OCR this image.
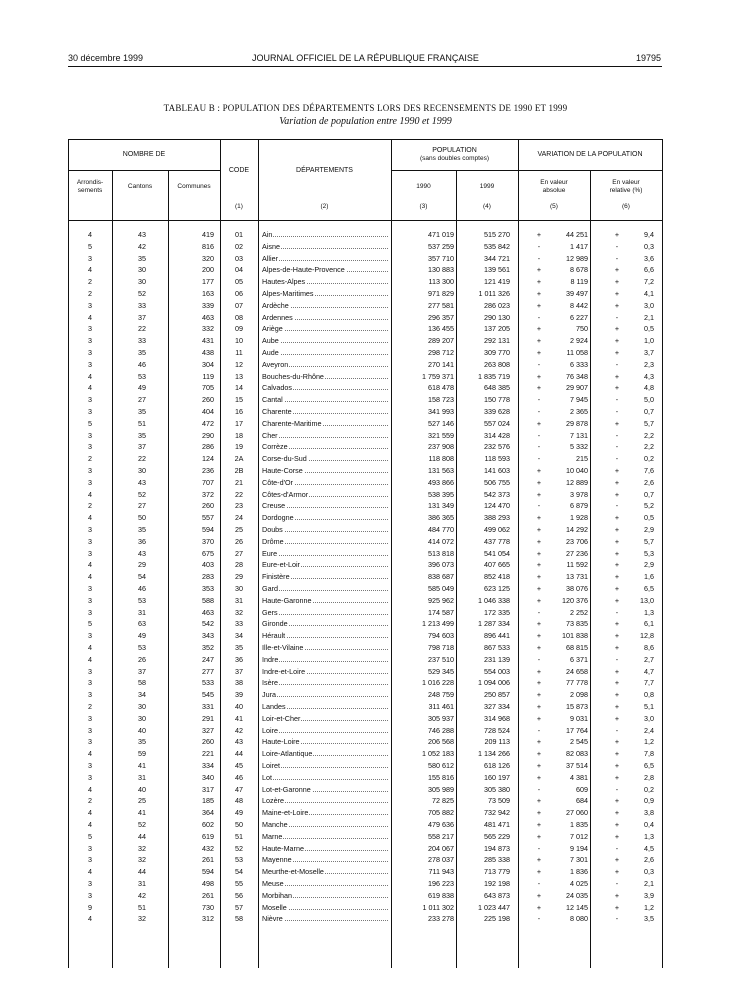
30 décembre 1999	JOURNAL OFFICIEL DE LA RÉPUBLIQUE FRANÇAISE	19795
TABLEAU B : POPULATION DES DÉPARTEMENTS LORS DES RECENSEMENTS DE 1990 ET 1999
Variation de population entre 1990 et 1999
NOMBRE DE
Arrondis-
sements
Cantons	Communes
CODE	DÉPARTEMENTS
POPULATION
(sans doubles comptes)
1990	1999
VARIATION DE LA POPULATION
En valeur
absolue
En valeur
relative (%)
(1)	(2)	(3)	(4)	(5)	(6)
4	43	419	01	Ain	471 019	515 270	+	44 251	+	9,4
5	42	816	02	Aisne	537 259	535 842	-	1 417	-	0,3
3	35	320	03	Allier	357 710	344 721	-	12 989	-	3,6
4	30	200	04	Alpes-de-Haute-Provence	130 883	139 561	+	8 678	+	6,6
2	30	177	05	Hautes-Alpes	113 300	121 419	+	8 119	+	7,2
2	52	163	06	Alpes-Maritimes	971 829	1 011 326	+	39 497	+	4,1
3	33	339	07	Ardèche	277 581	286 023	+	8 442	+	3,0
4	37	463	08	Ardennes	296 357	290 130	-	6 227	-	2,1
3	22	332	09	Ariège	136 455	137 205	+	750	+	0,5
3	33	431	10	Aube	289 207	292 131	+	2 924	+	1,0
3	35	438	11	Aude	298 712	309 770	+	11 058	+	3,7
3	46	304	12	Aveyron	270 141	263 808	-	6 333	-	2,3
4	53	119	13	Bouches-du-Rhône	1 759 371	1 835 719	+	76 348	+	4,3
4	49	705	14	Calvados	618 478	648 385	+	29 907	+	4,8
3	27	260	15	Cantal	158 723	150 778	-	7 945	-	5,0
3	35	404	16	Charente	341 993	339 628	-	2 365	-	0,7
5	51	472	17	Charente-Maritime	527 146	557 024	+	29 878	+	5,7
3	35	290	18	Cher	321 559	314 428	-	7 131	-	2,2
3	37	286	19	Corrèze	237 908	232 576	-	5 332	-	2,2
2	22	124	2A	Corse-du-Sud	118 808	118 593	-	215	-	0,2
3	30	236	2B	Haute-Corse	131 563	141 603	+	10 040	+	7,6
3	43	707	21	Côte-d'Or	493 866	506 755	+	12 889	+	2,6
4	52	372	22	Côtes-d'Armor	538 395	542 373	+	3 978	+	0,7
2	27	260	23	Creuse	131 349	124 470	-	6 879	-	5,2
4	50	557	24	Dordogne	386 365	388 293	+	1 928	+	0,5
3	35	594	25	Doubs	484 770	499 062	+	14 292	+	2,9
3	36	370	26	Drôme	414 072	437 778	+	23 706	+	5,7
3	43	675	27	Eure	513 818	541 054	+	27 236	+	5,3
4	29	403	28	Eure-et-Loir	396 073	407 665	+	11 592	+	2,9
4	54	283	29	Finistère	838 687	852 418	+	13 731	+	1,6
3	46	353	30	Gard	585 049	623 125	+	38 076	+	6,5
3	53	588	31	Haute-Garonne	925 962	1 046 338	+	120 376	+	13,0
3	31	463	32	Gers	174 587	172 335	-	2 252	-	1,3
5	63	542	33	Gironde	1 213 499	1 287 334	+	73 835	+	6,1
3	49	343	34	Hérault	794 603	896 441	+	101 838	+	12,8
4	53	352	35	Ille-et-Vilaine	798 718	867 533	+	68 815	+	8,6
4	26	247	36	Indre	237 510	231 139	-	6 371	-	2,7
3	37	277	37	Indre-et-Loire	529 345	554 003	+	24 658	+	4,7
3	58	533	38	Isère	1 016 228	1 094 006	+	77 778	+	7,7
3	34	545	39	Jura	248 759	250 857	+	2 098	+	0,8
2	30	331	40	Landes	311 461	327 334	+	15 873	+	5,1
3	30	291	41	Loir-et-Cher	305 937	314 968	+	9 031	+	3,0
3	40	327	42	Loire	746 288	728 524	-	17 764	-	2,4
3	35	260	43	Haute-Loire	206 568	209 113	+	2 545	+	1,2
4	59	221	44	Loire-Atlantique	1 052 183	1 134 266	+	82 083	+	7,8
3	41	334	45	Loiret	580 612	618 126	+	37 514	+	6,5
3	31	340	46	Lot	155 816	160 197	+	4 381	+	2,8
4	40	317	47	Lot-et-Garonne	305 989	305 380	-	609	-	0,2
2	25	185	48	Lozère	72 825	73 509	+	684	+	0,9
4	41	364	49	Maine-et-Loire	705 882	732 942	+	27 060	+	3,8
4	52	602	50	Manche	479 636	481 471	+	1 835	+	0,4
5	44	619	51	Marne	558 217	565 229	+	7 012	+	1,3
3	32	432	52	Haute-Marne	204 067	194 873	-	9 194	-	4,5
3	32	261	53	Mayenne	278 037	285 338	+	7 301	+	2,6
4	44	594	54	Meurthe-et-Moselle	711 943	713 779	+	1 836	+	0,3
3	31	498	55	Meuse	196 223	192 198	-	4 025	-	2,1
3	42	261	56	Morbihan	619 838	643 873	+	24 035	+	3,9
9	51	730	57	Moselle	1 011 302	1 023 447	+	12 145	+	1,2
4	32	312	58	Nièvre	233 278	225 198	-	8 080	-	3,5
